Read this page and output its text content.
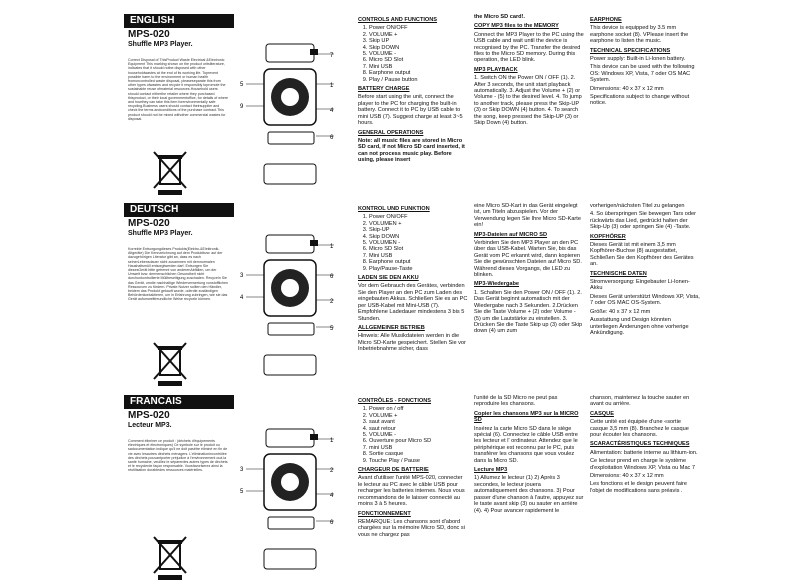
ENGLISH
MPS-020
Shuffle MP3 Player.
Correct Disposal of ThisProduct Waste Electrical &Electronic Equipment This marking shown on the product oritsliterature, indicates that it should notbe disposed with other householdwastes at the end of its working life. Toprevent possible harm to the environment or human health fromuncontrolled waste disposal, pleaseseparate this from other types ofwastes and recycle it responsibly topromote the sustainable reuse ofmaterial resources.Household users should contact eitherthe retailer where they purchased thisproduct, or their local governmentoffice, for details of where and howthey can take this item forenvironmentally safe recycling.Business users should contact theirsupplier and check the terms andconditions of the purchase contract.This product should not be mixed withother commercial wastes for disposal.
5
9
7
1
4
6
CONTROLS AND FUNCTIONS
1. Power ON/OFF
2. VOLUME +
3. Skip UP
4. Skip DOWN
5. VOLUME -
6. Micro SD Slot
7. Mini USB
8. Earphone output
9. Play / Pause button
BATTERY CHARGE

Before start using the unit, connect the player to the PC for charging the built-in battery. Connect it to PC by USB cable to mini USB (7). Suggest charge at least 3~5 hours.

GENERAL OPERATIONS

Note: all music files are stored in Micro SD card, if not Micro SD card inserted, it can not process music play. Before using, please insert

the Micro SD card!.

COPY MP3 files to the MEMORY

Connect the MP3 Player to the PC using the USB cable and wait until the device is recognised by the PC. Transfer the desired files to the Micro SD memory. During this operation, the LED blink.

MP3 PLAYBACK

1. Switch ON the Power ON / OFF (1). 2. After 3 seconds, the unit start playback automatically. 3. Adjust the Volume + (2) or Volume - (5) to the desired level. 4. To jump to another track, please press the Skip-UP (3) or Skip DOWN (4) button. 4. To search the song, keep pressed the Skip-UP (3) or Skip Down (4) button.

EARPHONE

This device is equipped by 3.5 mm earphone socket (8). VPlease insert the earphone to listen the music.

TECHNICAL SPECIFICATIONS

Power supply: Built-in Li-Ionen battery.

This device can be used with the following OS: Windows XP, Vista, 7 oder OS MAC System.

Dimensions: 40 x 37 x 12 mm

Specifications subject to change without notice.

DEUTSCH
MPS-020
Shuffle MP3 Player.
Korrekte Entsorgungdieses Produkts(Elektro-&Elektronik-Altgeräte) Die Kennzeichnung auf dem Produktbzw. auf der dazugehörigen Literatur gibt an, dass es nach seinerLebensdauer nicht zusammen mit demnormalen Haushaltsmüll entsorgtwerden darf. Entsorgen Sie diesesGerät bitte getrennt von anderenAbfällen, um der Umwelt bzw. dermenschlichen Gesundheit nicht durchunkontrollierte Müllbeseitigung zuschaden. Recyceln Sie das Gerät, umdie nachhaltige Wiederverwertung vonstofflichen Ressourcen zu fördern. Private Nutzer sollten den Händler, beidem das Produkt gekauft wurde, oderdie zuständigen Behördenkontaktieren, um in Erfahrung zubringen, wie sie das Gerät aufumweltfreundliche Weise recyceln können.
3
4
1
6
2
5
KONTROL UND FUNKTION
1. Power ON/OFF
2. VOLUMEN +
3. Skip-UP
4. Skip DOWN
5. VOLUMEN -
6. Micro SD Slot
7. Mini USB
8. Earphone output
9. Play/Pause-Taste
LADEN SIE DEN AKKU

Vor dem Gebrauch des Gerätes, verbinden Sie den Player an den PC zum Laden des eingebauten Akkus. Schließen Sie es an PC per USB-Kabel mit Mini-USB (7). Empfohlene Ladedauer mindestens 3 bis 5 Stunden.

ALLGEMEINER BETRIEB

Hinweis: Alle Musikdateien werden in die Micro SD-Karte gespeichert. Stellen Sie vor Inbetriebnahme sicher, dass

eine Micro SD-Kart in das Gerät eingelegt ist, um Titeln abzuspielen. Vor der Verwendung legen Sie Ihre Micro SD-Karte ein!

MP3-Dateien auf MICRO SD

Verbinden Sie den MP3 Player an den PC über das USB-Kabel. Warten Sie, bis das Gerät vom PC erkannt wird, dann kopieren Sie die gewünschten Dateien auf Micro SD. Während dieses Vorgangs, die LED zu blinken.

MP3-Wiedergabe

1. Schalten Sie den Power ON / OFF (1). 2. Das Gerät beginnt automatisch mit der Wiedergabe nach 3 Sekunden. 2.Drücken Sie die Taste Volume + (2) oder Volume - (5) um die Lautstärke zu einstellen. 3. Drücken Sie die Taste Skip up (3) oder Skip down (4) um zum

vorherigen/nächsten Titel zu gelangen

4. So überspringen Sie bewegen Tars oder rückwärts das Lied, gedrückt halten der Skip-Up (3) oder springen Sie (4) -Taste.

KOPFHÖRER

Dieses Gerät ist mit einem 3,5 mm Kopfhörer-Buchse (8) ausgestattet, Schließen Sie den Kopfhörer des Gerätes an.

TECHNISCHE DATEN

Stromversorgung: Eingebauter Li-Ionen-Akku

Dieses Gerät unterstützt Windows XP, Vista, 7 oder OS MAC OS-System.

Größe: 40 x 37 x 12 mm

Ausstattung und Design könnten unterliegen Änderungen ohne vorherige Ankündigung.

FRANCAIS
MPS-020
Lecteur MP3.
Comment éliminer ce produit : (déchets d'équipements électriques et électroniques) Ce symbole sur le produit ou sadocumentation indique qu'il ne doit pasêtre éliminé en fin de vie avec lesautres déchets ménagers. L'éliminationincontrôlée des déchets pouvantporter préjudice à l'environnement ouà la santé humaine, veuillez le séparerdes autres types de déchets et le recyclerde façon responsable. Vousfavoriserez ainsi la réutilisation durabledes ressources matérielles.	3
5
1
2
4
6
CONTRÔLES - FONCTIONS
1. Power on / off
2. VOLUME +
3. saut avant
4. saut retour
5. VOLUME -
6. Ouverture pour Micro SD
7. mini USB
8. Sortie casque
9. Touche Play / Pause
CHARGEUR DE BATTERIE

Avant d'utiliser l'unité MPS-020, connecter le lecteur au PC avec le câble USB pour recharger les batteries internes. Nous vous recommandons de le laisser connecté au moins 3 à 5 heures.

FONCTIONNEMENT

REMARQUE: Les chansons sont d'abord chargées sur la mémoire Micro SD, donc si vous ne chargez pas

l'unité de la SD Micro ne peut pas reproduire les chansons.

Copier les chansons MP3 sur la MICRO SD

Insérez la carte Micro SD dans le siège spécial (6). Connectez le câble USB entre les lecteur et l' ordinateur. Attendez que le périphérique est reconnu par le PC, puis transférer les chansons que vous voulez dans la Micro SD.

Lecture MP3

1) Allumez le lecteur (1) 2) Après 3 secondes, le lecteur jouera automatiquement des chansons. 3) Pour passer d'une chanson à l'autre, appuyez sur le taste avant skip (3) ou sauter en arrière (4). 4) Pour avancer rapidement le

chanson, maintenez la touche sauter en avant ou arrière.

CASQUE

Cette unité est équipée d'une «sortie casque 3,5 mm (8). Branchez le casque pour écouter les chansons.

SCARACTÉRISTIQUES TECHNIQUES

Alimentation: batterie interne au lithium-ion.

Ce lecteur prend en charge le système d'exploitation Windows XP, Vista ou Mac 7

Dimensions: 40 x 37 x 12 mm

Les fonctions et le design peuvent faire l'objet de modifications sans préavis .
